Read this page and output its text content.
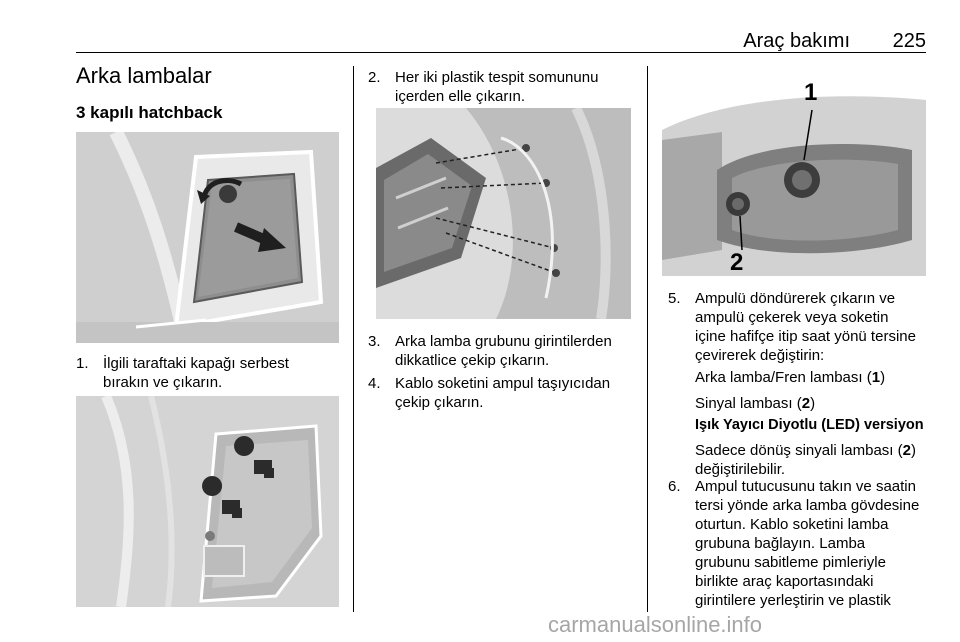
Araç bakımı 225
Arka lambalar
3 kapılı hatchback
1. İlgili taraftaki kapağı serbest
bırakın ve çıkarın.
2. Her iki plastik tespit somununu
içerden elle çıkarın.
3. Arka lamba grubunu girintilerden
dikkatlice çekip çıkarın.
4. Kablo soketini ampul taşıyıcıdan
çekip çıkarın.
1
2
5. Ampulü döndürerek çıkarın ve
ampulü çekerek veya soketin
içine hafifçe itip saat yönü tersine
çevirerek değiştirin:
Arka lamba/Fren lambası (1)
Sinyal lambası (2)
Işık Yayıcı Diyotlu (LED) versiyon
Sadece dönüş sinyali lambası (2)
değiştirilebilir.
6. Ampul tutucusunu takın ve saatin
tersi yönde arka lamba gövdesine
oturtun. Kablo soketini lamba
grubuna bağlayın. Lamba
grubunu sabitleme pimleriyle
birlikte araç kaportasındaki
girintilere yerleştirin ve plastik
carmanualsonline.info
